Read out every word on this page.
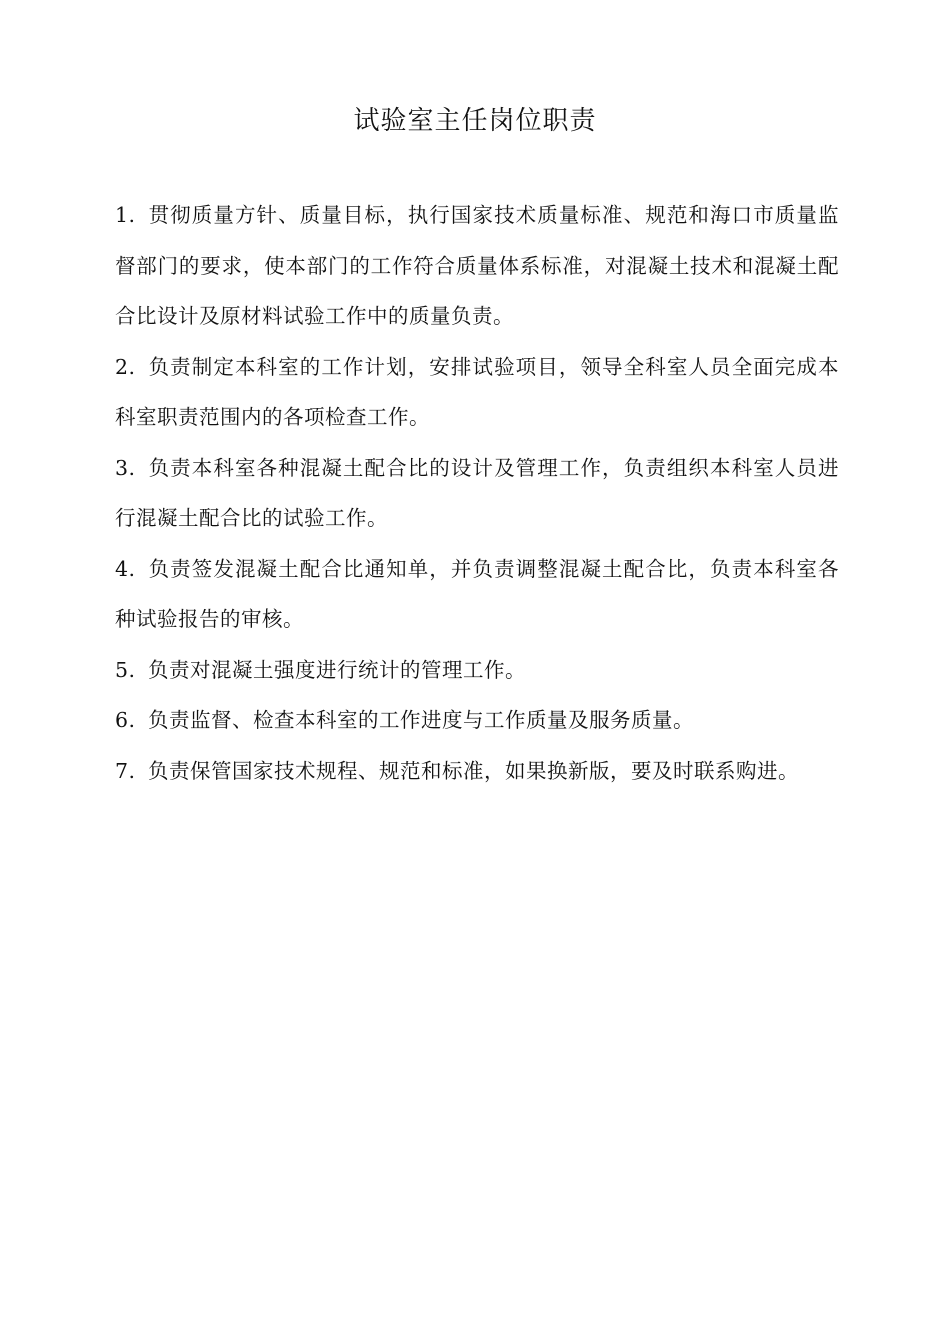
试验室主任岗位职责

1. 贯彻质量方针、质量目标，执行国家技术质量标准、规范和海口市质量监督部门的要求，使本部门的工作符合质量体系标准，对混凝土技术和混凝土配合比设计及原材料试验工作中的质量负责。

2. 负责制定本科室的工作计划，安排试验项目，领导全科室人员全面完成本科室职责范围内的各项检查工作。

3. 负责本科室各种混凝土配合比的设计及管理工作，负责组织本科室人员进行混凝土配合比的试验工作。

4. 负责签发混凝土配合比通知单，并负责调整混凝土配合比，负责本科室各种试验报告的审核。

5. 负责对混凝土强度进行统计的管理工作。

6. 负责监督、检查本科室的工作进度与工作质量及服务质量。

7. 负责保管国家技术规程、规范和标准，如果换新版，要及时联系购进。
